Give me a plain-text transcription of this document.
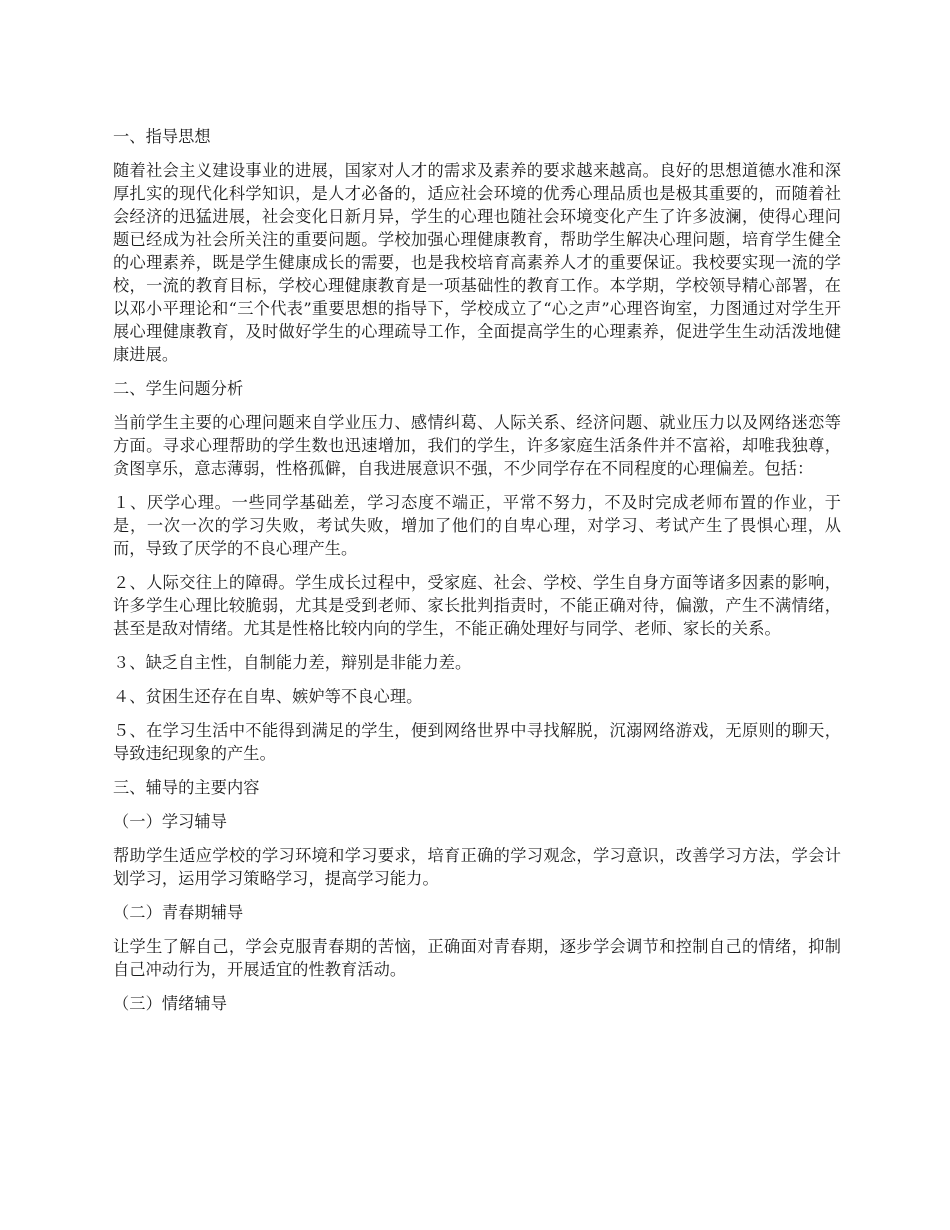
一、指导思想
随着社会主义建设事业的进展，国家对人才的需求及素养的要求越来越高。良好的思想道德水准和深厚扎实的现代化科学知识，是人才必备的，适应社会环境的优秀心理品质也是极其重要的，而随着社会经济的迅猛进展，社会变化日新月异，学生的心理也随社会环境变化产生了许多波澜，使得心理问题已经成为社会所关注的重要问题。学校加强心理健康教育，帮助学生解决心理问题，培育学生健全的心理素养，既是学生健康成长的需要，也是我校培育高素养人才的重要保证。我校要实现一流的学校，一流的教育目标，学校心理健康教育是一项基础性的教育工作。本学期，学校领导精心部署，在以邓小平理论和“三个代表”重要思想的指导下，学校成立了“心之声”心理咨询室，力图通过对学生开展心理健康教育，及时做好学生的心理疏导工作，全面提高学生的心理素养，促进学生生动活泼地健康进展。
二、学生问题分析
当前学生主要的心理问题来自学业压力、感情纠葛、人际关系、经济问题、就业压力以及网络迷恋等方面。寻求心理帮助的学生数也迅速增加，我们的学生，许多家庭生活条件并不富裕，却唯我独尊，贪图享乐，意志薄弱，性格孤僻，自我进展意识不强，不少同学存在不同程度的心理偏差。包括：
１、厌学心理。一些同学基础差，学习态度不端正，平常不努力，不及时完成老师布置的作业，于是，一次一次的学习失败，考试失败，增加了他们的自卑心理，对学习、考试产生了畏惧心理，从而，导致了厌学的不良心理产生。
２、人际交往上的障碍。学生成长过程中，受家庭、社会、学校、学生自身方面等诸多因素的影响，许多学生心理比较脆弱，尤其是受到老师、家长批判指责时，不能正确对待，偏激，产生不满情绪，甚至是敌对情绪。尤其是性格比较内向的学生，不能正确处理好与同学、老师、家长的关系。
３、缺乏自主性，自制能力差，辩别是非能力差。
４、贫困生还存在自卑、嫉妒等不良心理。
５、在学习生活中不能得到满足的学生，便到网络世界中寻找解脱，沉溺网络游戏，无原则的聊天，导致违纪现象的产生。
三、辅导的主要内容
（一）学习辅导
帮助学生适应学校的学习环境和学习要求，培育正确的学习观念，学习意识，改善学习方法，学会计划学习，运用学习策略学习，提高学习能力。
（二）青春期辅导
让学生了解自己，学会克服青春期的苦恼，正确面对青春期，逐步学会调节和控制自己的情绪，抑制自己冲动行为，开展适宜的性教育活动。
（三）情绪辅导
